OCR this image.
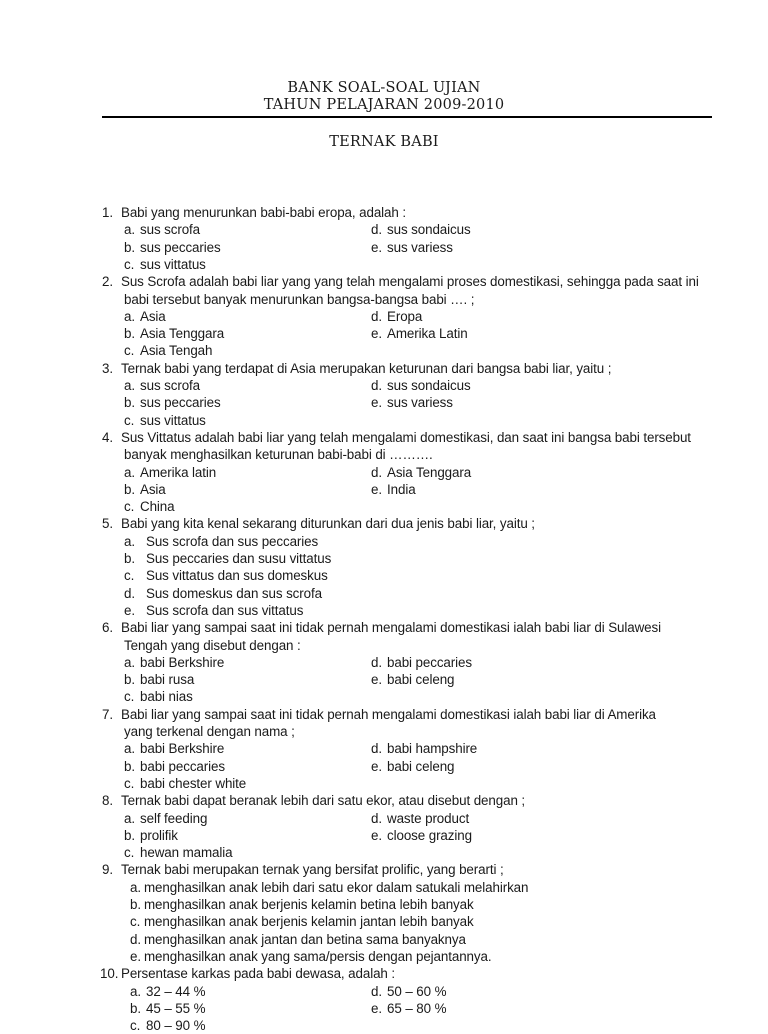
BANK SOAL-SOAL UJIAN
TAHUN PELAJARAN 2009-2010
TERNAK BABI
1. Babi yang menurunkan babi-babi eropa, adalah :
a. sus scrofa	d. sus sondaicus
b. sus peccaries	e. sus variess
c. sus vittatus
2. Sus Scrofa adalah babi liar yang yang telah mengalami proses domestikasi, sehingga pada saat ini
babi tersebut banyak menurunkan bangsa-bangsa babi …. ;
a. Asia	d. Eropa
b. Asia Tenggara	e. Amerika Latin
c. Asia Tengah
3. Ternak babi yang terdapat di Asia merupakan keturunan dari bangsa babi liar, yaitu ;
a. sus scrofa	d. sus sondaicus
b. sus peccaries	e. sus variess
c. sus vittatus
4. Sus Vittatus adalah babi liar yang telah mengalami domestikasi, dan saat ini bangsa babi tersebut
banyak menghasilkan keturunan babi-babi di ……….
a. Amerika latin	d. Asia Tenggara
b. Asia	e. India
c. China
5. Babi yang kita kenal sekarang diturunkan dari dua jenis babi liar, yaitu ;
a. Sus scrofa dan sus peccaries
b. Sus peccaries dan susu vittatus
c. Sus vittatus dan sus domeskus
d. Sus domeskus dan sus scrofa
e. Sus scrofa dan sus vittatus
6. Babi liar yang sampai saat ini tidak pernah mengalami domestikasi ialah babi liar di Sulawesi
Tengah yang disebut dengan :
a. babi Berkshire	d. babi peccaries
b. babi rusa	e. babi celeng
c. babi nias
7. Babi liar yang sampai saat ini tidak pernah mengalami domestikasi ialah babi liar di Amerika
yang terkenal dengan nama ;
a. babi Berkshire	d. babi hampshire
b. babi peccaries	e. babi celeng
c. babi chester white
8. Ternak babi dapat beranak lebih dari satu ekor, atau disebut dengan ;
a. self feeding	d. waste product
b. prolifik	e. cloose grazing
c. hewan mamalia
9. Ternak babi merupakan ternak yang bersifat prolific, yang berarti ;
a. menghasilkan anak lebih dari satu ekor dalam satukali melahirkan
b. menghasilkan anak berjenis kelamin betina lebih banyak
c. menghasilkan anak berjenis kelamin jantan lebih banyak
d. menghasilkan anak jantan dan betina sama banyaknya
e. menghasilkan anak yang sama/persis dengan pejantannya.
10. Persentase karkas pada babi dewasa, adalah :
a. 32 – 44 %	d. 50 – 60 %
b. 45 – 55 %	e. 65 – 80 %
c. 80 – 90 %
